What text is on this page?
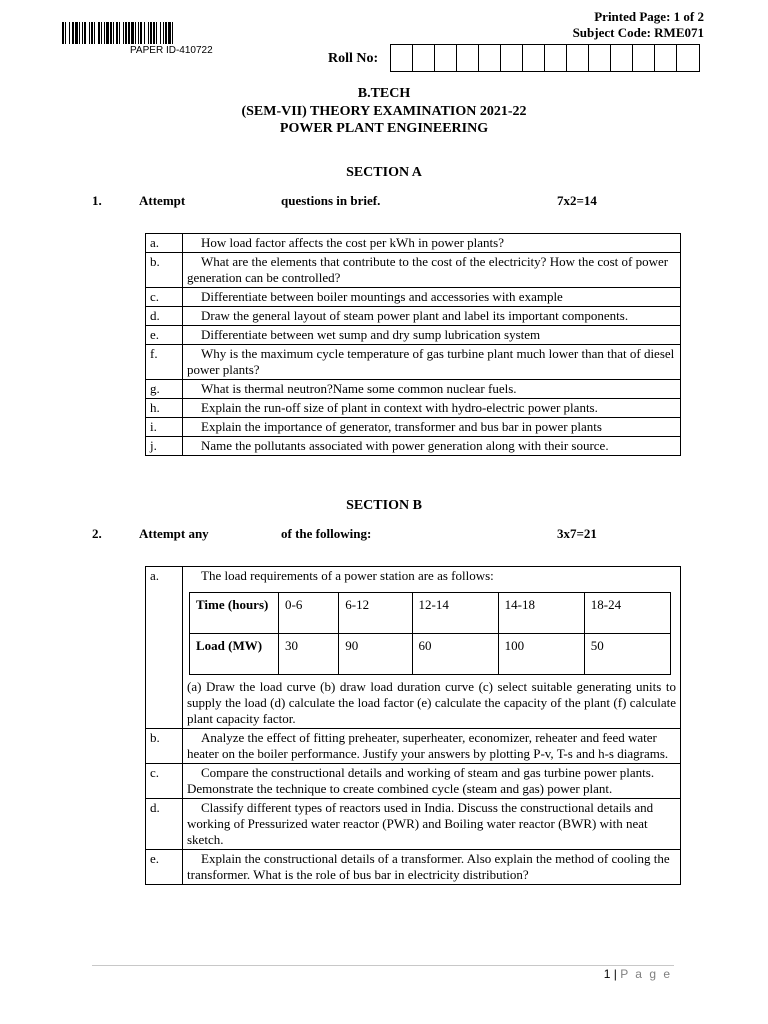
PAPER ID-410722
Printed Page: 1 of 2
Subject Code: RME071
Roll No:
B.TECH
(SEM-VII) THEORY EXAMINATION 2021-22
POWER PLANT ENGINEERING
SECTION A
1.	Attempt	questions in brief.	7x2=14
a.	How load factor affects the cost per kWh in power plants?
b.	What are the elements that contribute to the cost of the electricity? How the cost of power generation can be controlled?
c.	Differentiate between boiler mountings and accessories with example
d.	Draw the general layout of steam power plant and label its important components.
e.	Differentiate between wet sump and dry sump lubrication system
f.	Why is the maximum cycle temperature of gas turbine plant much lower than that of diesel power plants?
g.	What is thermal neutron?Name some common nuclear fuels.
h.	Explain the run-off size of plant in context with hydro-electric power plants.
i.	Explain the importance of generator, transformer and bus bar in power plants
j.	Name the pollutants associated with power generation along with their source.
SECTION B
2.	Attempt any	of the following:	3x7=21
a.	The load requirements of a power station are as follows:
Time (hours)	0-6	6-12	12-14	14-18	18-24
Load (MW)	30	90	60	100	50
(a) Draw the load curve (b) draw load duration curve (c) select suitable generating units to supply the load (d) calculate the load factor (e) calculate the capacity of the plant (f) calculate plant capacity factor.

b.	Analyze the effect of fitting preheater, superheater, economizer, reheater and feed water heater on the boiler performance. Justify your answers by plotting P-v, T-s and h-s diagrams.
c.	Compare the constructional details and working of steam and gas turbine power plants. Demonstrate the technique to create combined cycle (steam and gas) power plant.
d.	Classify different types of reactors used in India. Discuss the constructional details and working of Pressurized water reactor (PWR) and Boiling water reactor (BWR) with neat sketch.
e.	Explain the constructional details of a transformer. Also explain the method of cooling the transformer. What is the role of bus bar in electricity distribution?
1 | P a g e
